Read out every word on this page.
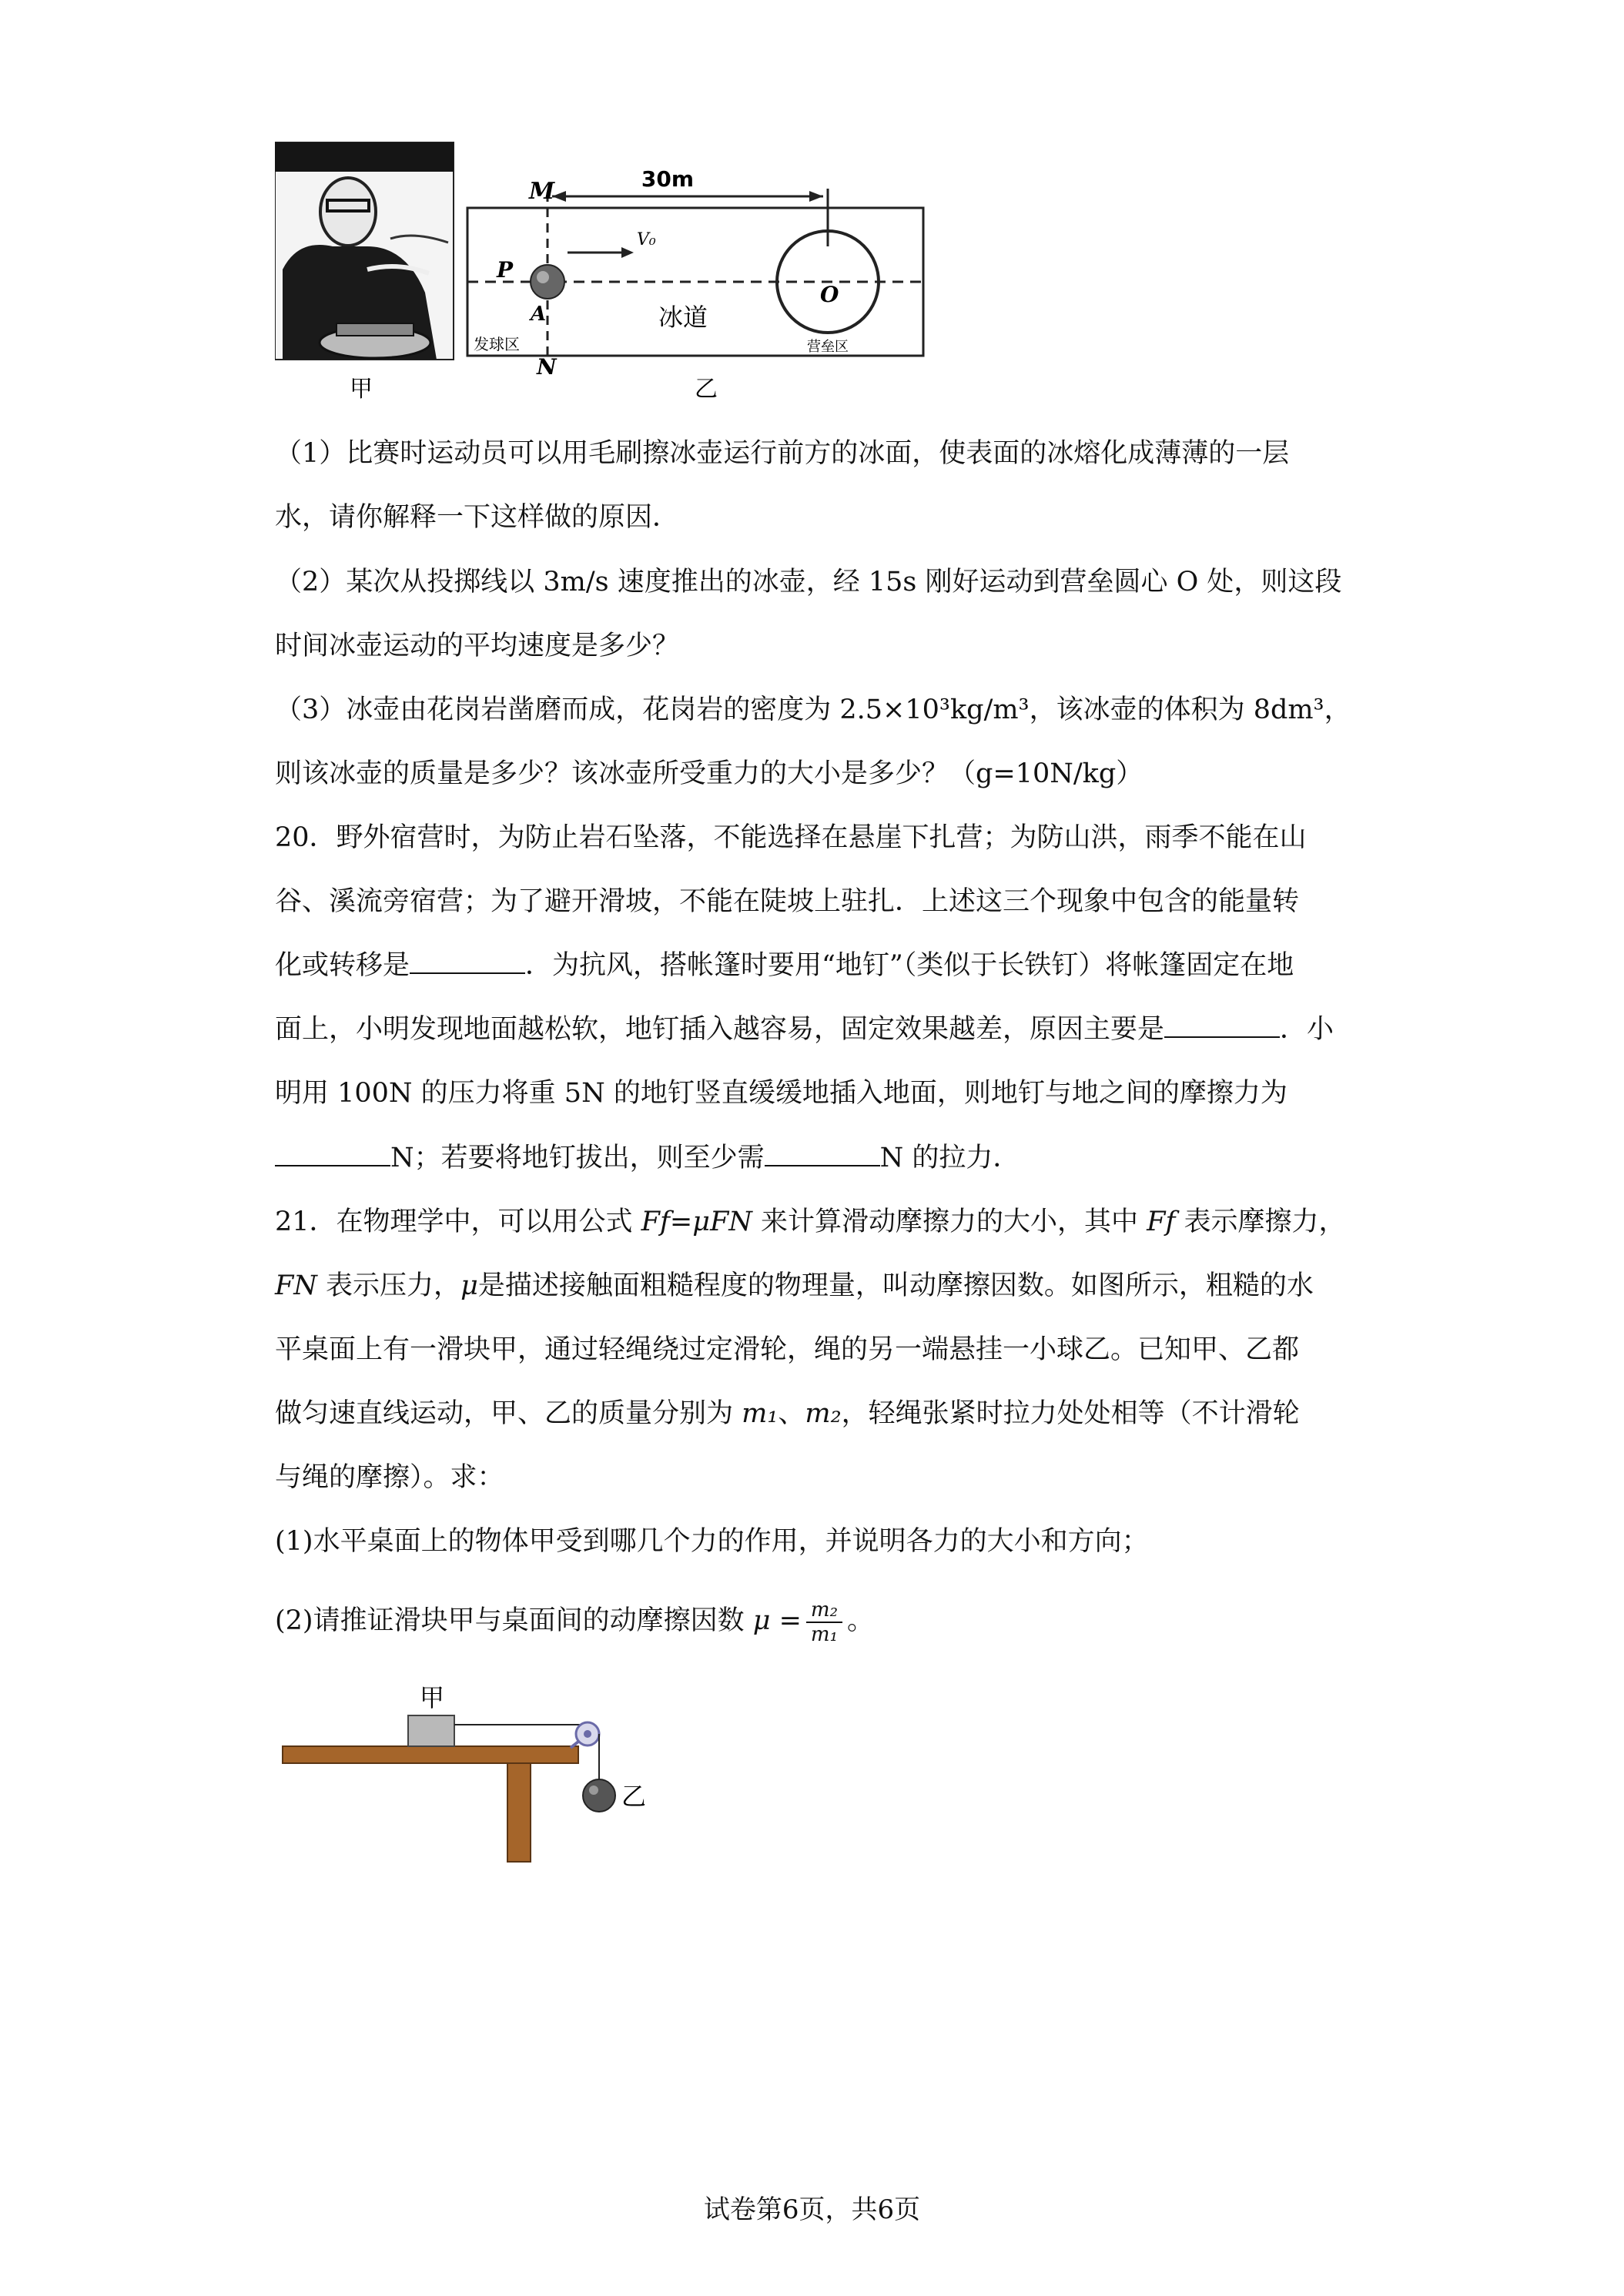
甲
M
N
P
A
O
V₀
30m
冰道
发球区	营垒区
乙
（1）比赛时运动员可以用毛刷擦冰壶运行前方的冰面，使表面的冰熔化成薄薄的一层
水，请你解释一下这样做的原因．
（2）某次从投掷线以 3m/s 速度推出的冰壶，经 15s 刚好运动到营垒圆心 O 处，则这段
时间冰壶运动的平均速度是多少？
（3）冰壶由花岗岩凿磨而成，花岗岩的密度为 2.5×10³kg/m³，该冰壶的体积为 8dm³，
则该冰壶的质量是多少？该冰壶所受重力的大小是多少？（g=10N/kg）
20．野外宿营时，为防止岩石坠落，不能选择在悬崖下扎营；为防山洪，雨季不能在山
谷、溪流旁宿营；为了避开滑坡，不能在陡坡上驻扎．上述这三个现象中包含的能量转
化或转移是	．为抗风，搭帐篷时要用“地钉”（类似于长铁钉）将帐篷固定在地
面上，小明发现地面越松软，地钉插入越容易，固定效果越差，原因主要是	．小
明用 100N 的压力将重 5N 的地钉竖直缓缓地插入地面，则地钉与地之间的摩擦力为
N；若要将地钉拔出，则至少需	N 的拉力．
21．在物理学中，可以用公式 Ff=μFN 来计算滑动摩擦力的大小，其中 Ff 表示摩擦力，
FN 表示压力，μ是描述接触面粗糙程度的物理量，叫动摩擦因数。如图所示，粗糙的水
平桌面上有一滑块甲，通过轻绳绕过定滑轮，绳的另一端悬挂一小球乙。已知甲、乙都
做匀速直线运动，甲、乙的质量分别为 m₁、m₂，轻绳张紧时拉力处处相等（不计滑轮
与绳的摩擦）。求：
(1)水平桌面上的物体甲受到哪几个力的作用，并说明各力的大小和方向；
(2)请推证滑块甲与桌面间的动摩擦因数 $\mu = \frac{\text{m₂}}{\text{m₁}}$ 。
甲
乙
试卷第6页，共6页
